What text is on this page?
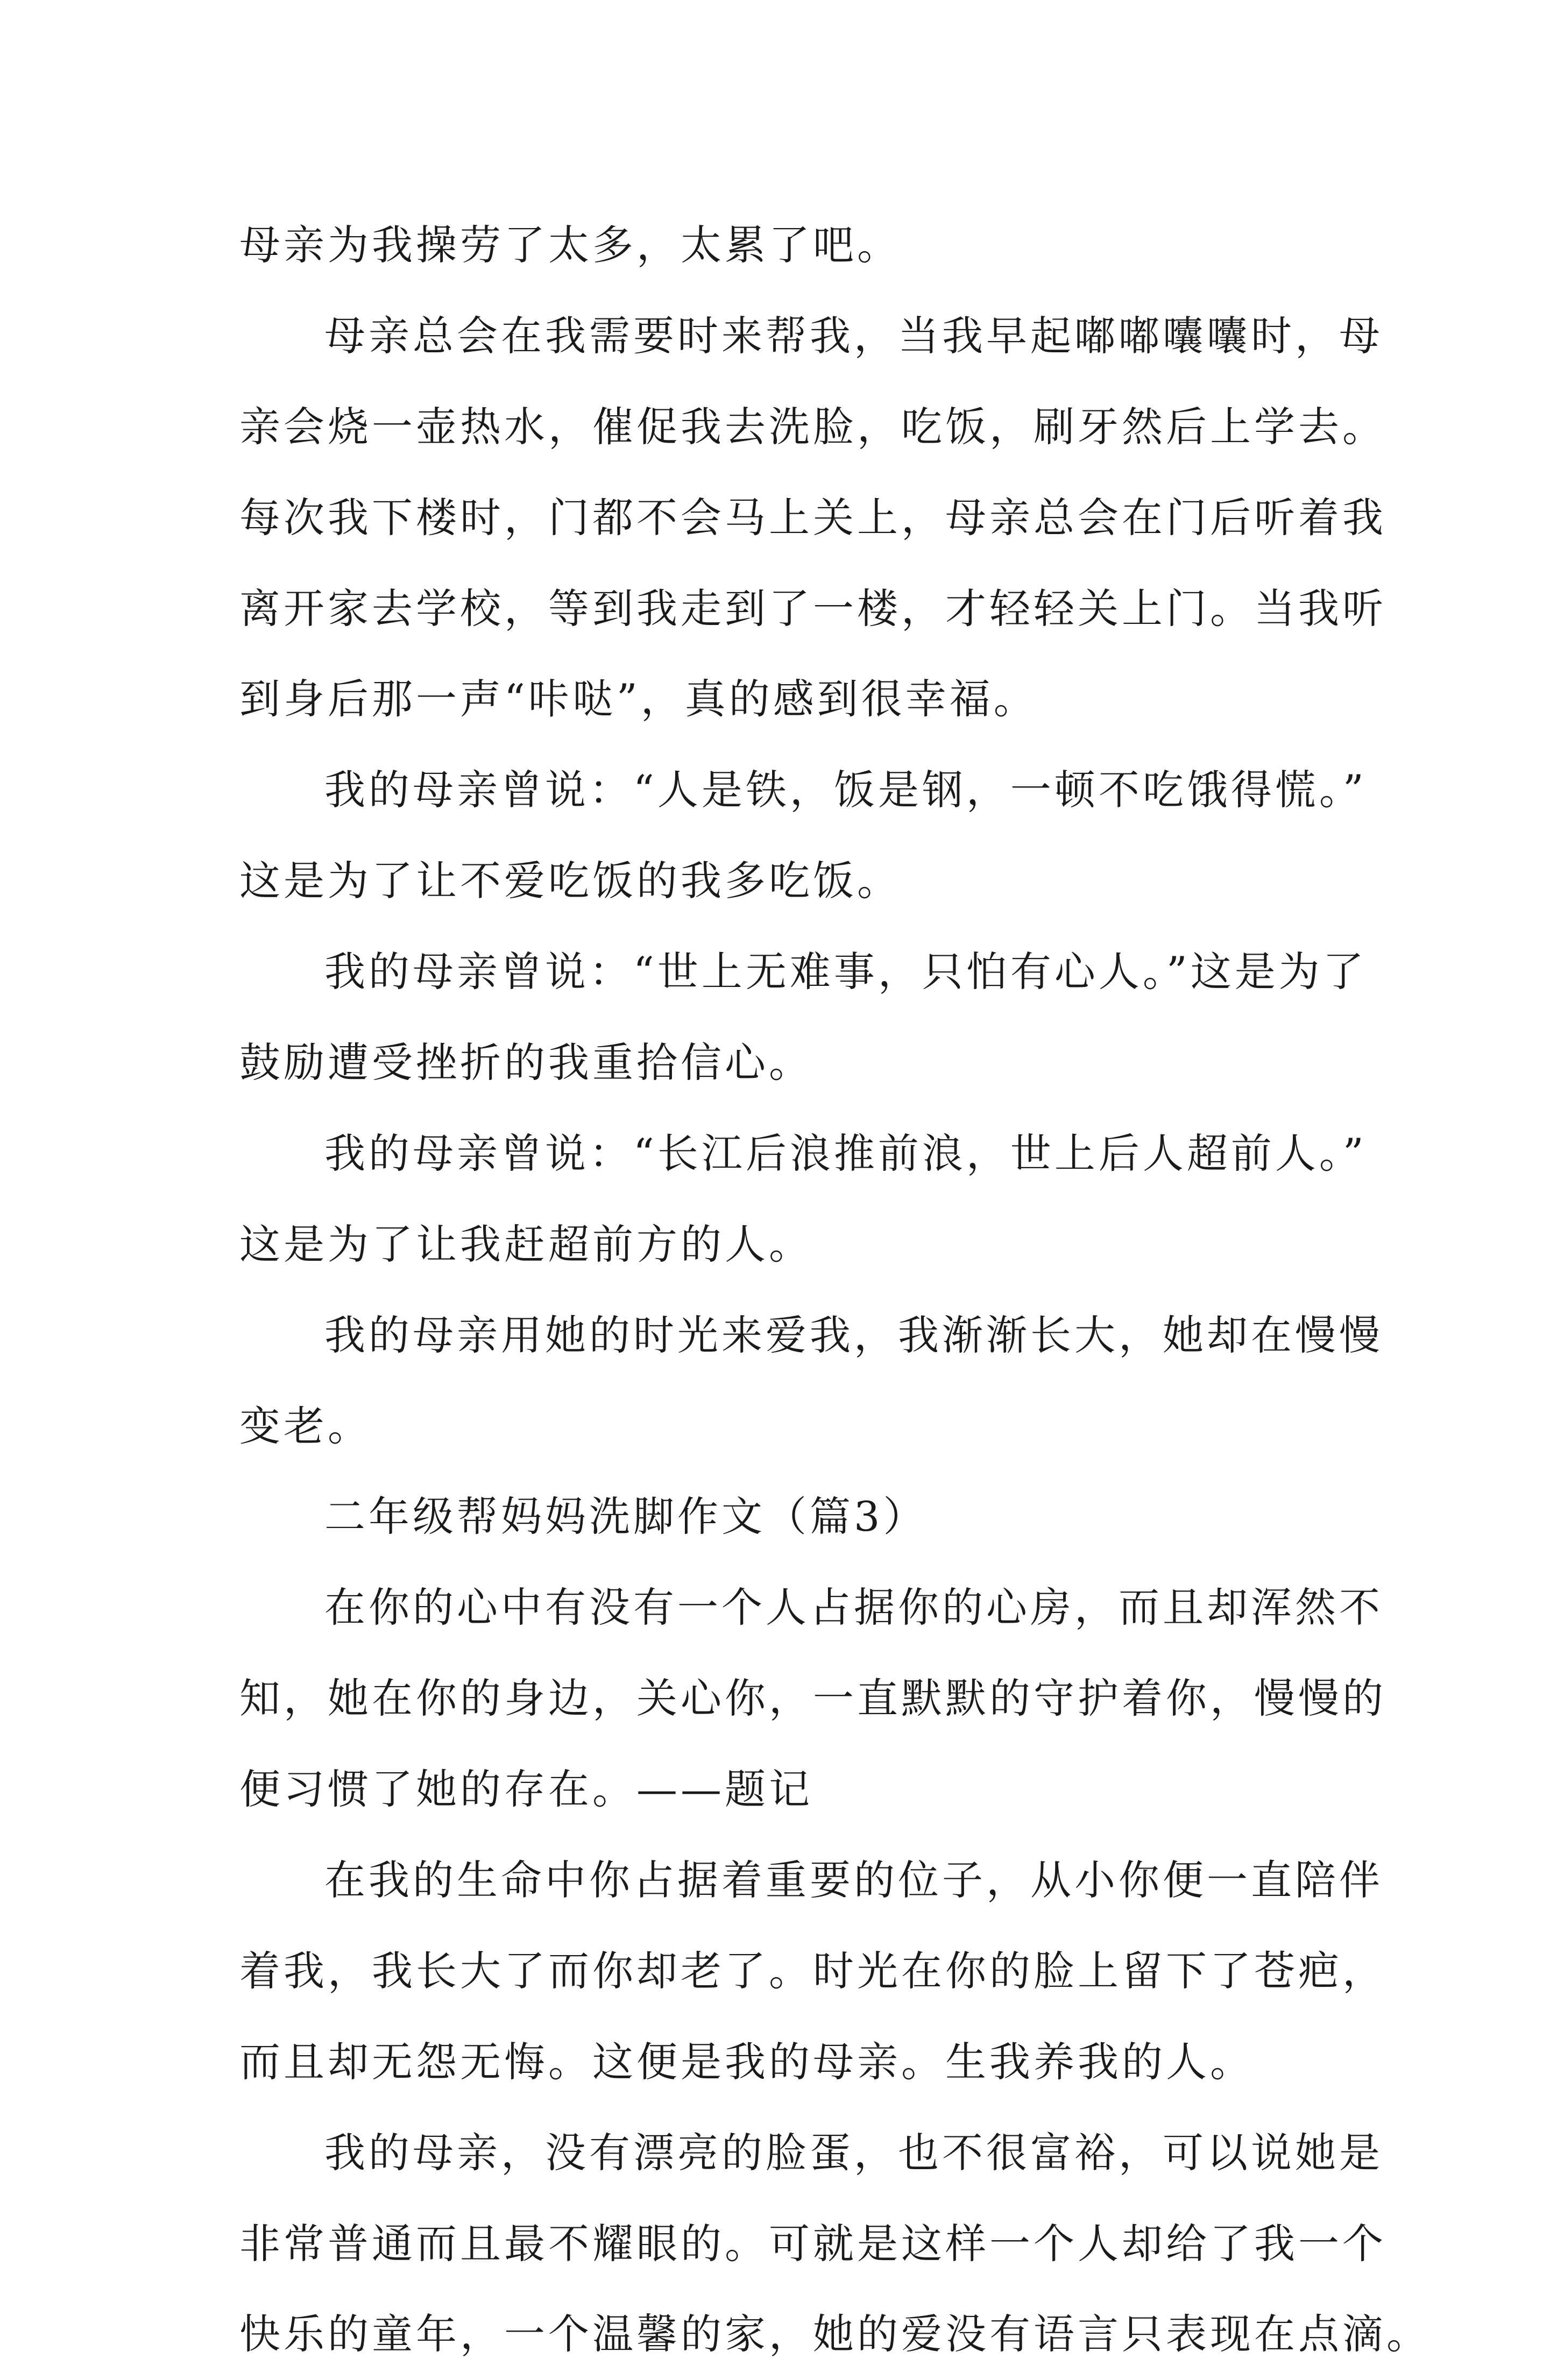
母亲为我操劳了太多，太累了吧。
母亲总会在我需要时来帮我，当我早起嘟嘟囔囔时，母
亲会烧一壶热水，催促我去洗脸，吃饭，刷牙然后上学去。
每次我下楼时，门都不会马上关上，母亲总会在门后听着我
离开家去学校，等到我走到了一楼，才轻轻关上门。当我听
到身后那一声“咔哒”，真的感到很幸福。
我的母亲曾说：“人是铁，饭是钢，一顿不吃饿得慌。”
这是为了让不爱吃饭的我多吃饭。
我的母亲曾说：“世上无难事，只怕有心人。”这是为了
鼓励遭受挫折的我重拾信心。
我的母亲曾说：“长江后浪推前浪，世上后人超前人。”
这是为了让我赶超前方的人。
我的母亲用她的时光来爱我，我渐渐长大，她却在慢慢
变老。
二年级帮妈妈洗脚作文（篇3）
在你的心中有没有一个人占据你的心房，而且却浑然不
知，她在你的身边，关心你，一直默默的守护着你，慢慢的
便习惯了她的存在。——题记
在我的生命中你占据着重要的位子，从小你便一直陪伴
着我，我长大了而你却老了。时光在你的脸上留下了苍疤，
而且却无怨无悔。这便是我的母亲。生我养我的人。
我的母亲，没有漂亮的脸蛋，也不很富裕，可以说她是
非常普通而且最不耀眼的。可就是这样一个人却给了我一个
快乐的童年，一个温馨的家，她的爱没有语言只表现在点滴。
